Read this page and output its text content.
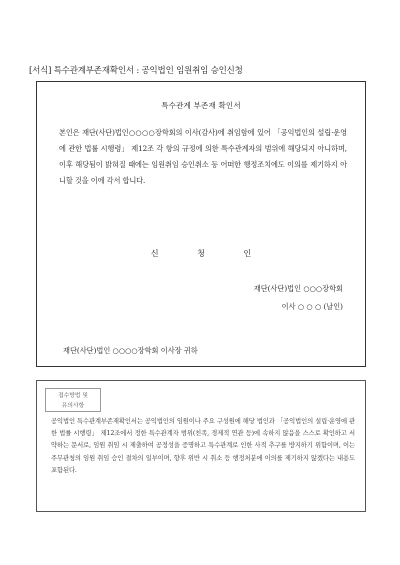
[서식] 특수관계부존재확인서 : 공익법인 임원취임 승인신청
특수관계 부존재 확인서

본인은 재단(사단)법인○○○○장학회의 이사(감사)에 취임함에 있어 「공익법인의 설립·운영에 관한 법률 시행령」 제12조 각 항의 규정에 의한 특수관계자의 범위에 해당되지 아니하며, 이후 해당됨이 밝혀질 때에는 임원취임 승인취소 등 어떠한 행정조치에도 이의를 제기하지 아니할 것을 이에 각서 합니다.

신 청 인
재단(사단)법인 ○○○장학회
이사 ○ ○ ○ (날인)
재단(사단)법인 ○○○○장학회 이사장 귀하
접수방법 및
유의사항

공익법인 특수관계부존재확인서는 공익법인의 임원이나 주요 구성원에 해당 법인과 「공익법인의 설립·운영에 관한 법률 시행령」 제12조에서 정한 특수관계자 범위(친족, 경제적 연관 등)에 속하지 않음을 스스로 확인하고 서약하는 문서로, 임원 취임 시 제출하여 공정성을 증명하고 특수관계로 인한 사적 추구를 방지하기 위함이며, 이는 주무관청의 임원 취임 승인 절차의 일부이며, 향후 위반 시 취소 등 행정처분에 이의를 제기하지 않겠다는 내용도 포함된다.
